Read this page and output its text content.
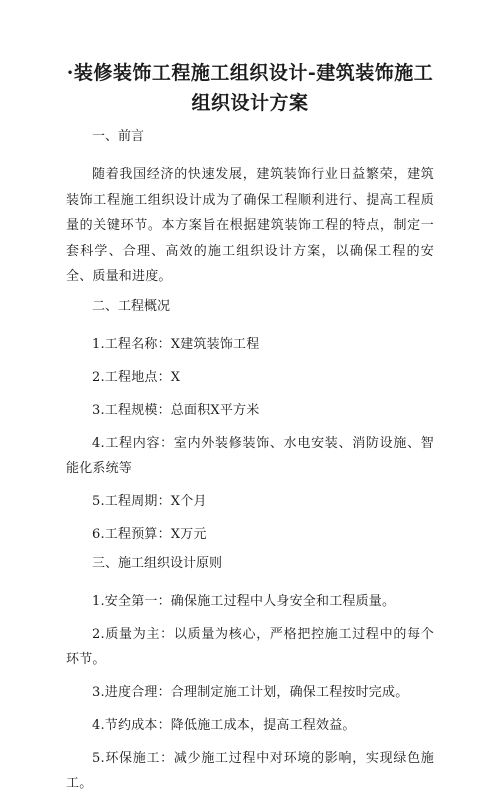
·装修装饰工程施工组织设计-建筑装饰施工
组织设计方案
一、前言

随着我国经济的快速发展，建筑装饰行业日益繁荣，建筑装饰工程施工组织设计成为了确保工程顺利进行、提高工程质量的关键环节。本方案旨在根据建筑装饰工程的特点，制定一套科学、合理、高效的施工组织设计方案，以确保工程的安全、质量和进度。

二、工程概况

1.工程名称：X建筑装饰工程

2.工程地点：X

3.工程规模：总面积X平方米

4.工程内容：室内外装修装饰、水电安装、消防设施、智能化系统等

5.工程周期：X个月

6.工程预算：X万元

三、施工组织设计原则

1.安全第一：确保施工过程中人身安全和工程质量。

2.质量为主：以质量为核心，严格把控施工过程中的每个环节。

3.进度合理：合理制定施工计划，确保工程按时完成。

4.节约成本：降低施工成本，提高工程效益。

5.环保施工：减少施工过程中对环境的影响，实现绿色施工。
